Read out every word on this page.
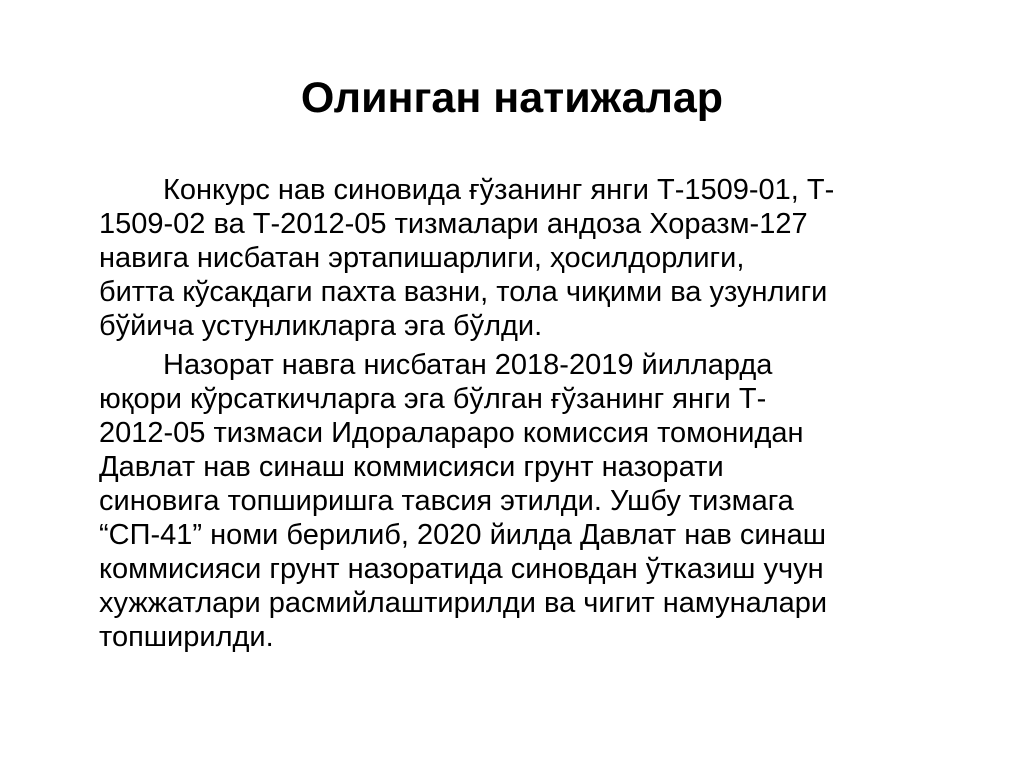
Олинган натижалар

Конкурс нав синовида ғўзанинг янги Т-1509-01, Т-
1509-02 ва Т-2012-05 тизмалари андоза Хоразм-127
навига нисбатан эртапишарлиги, ҳосилдорлиги,
битта кўсакдаги пахта вазни, тола чиқими ва узунлиги
бўйича устунликларга эга бўлди.

Назорат навга нисбатан 2018-2019 йилларда
юқори кўрсаткичларга эга бўлган ғўзанинг янги Т-
2012-05 тизмаси Идоралараро комиссия томонидан
Давлат нав синаш коммисияси грунт назорати
синовига топширишга тавсия этилди. Ушбу тизмага
“СП-41” номи берилиб, 2020 йилда Давлат нав синаш
коммисияси грунт назоратида синовдан ўтказиш учун
хужжатлари расмийлаштирилди ва чигит намуналари
топширилди.
